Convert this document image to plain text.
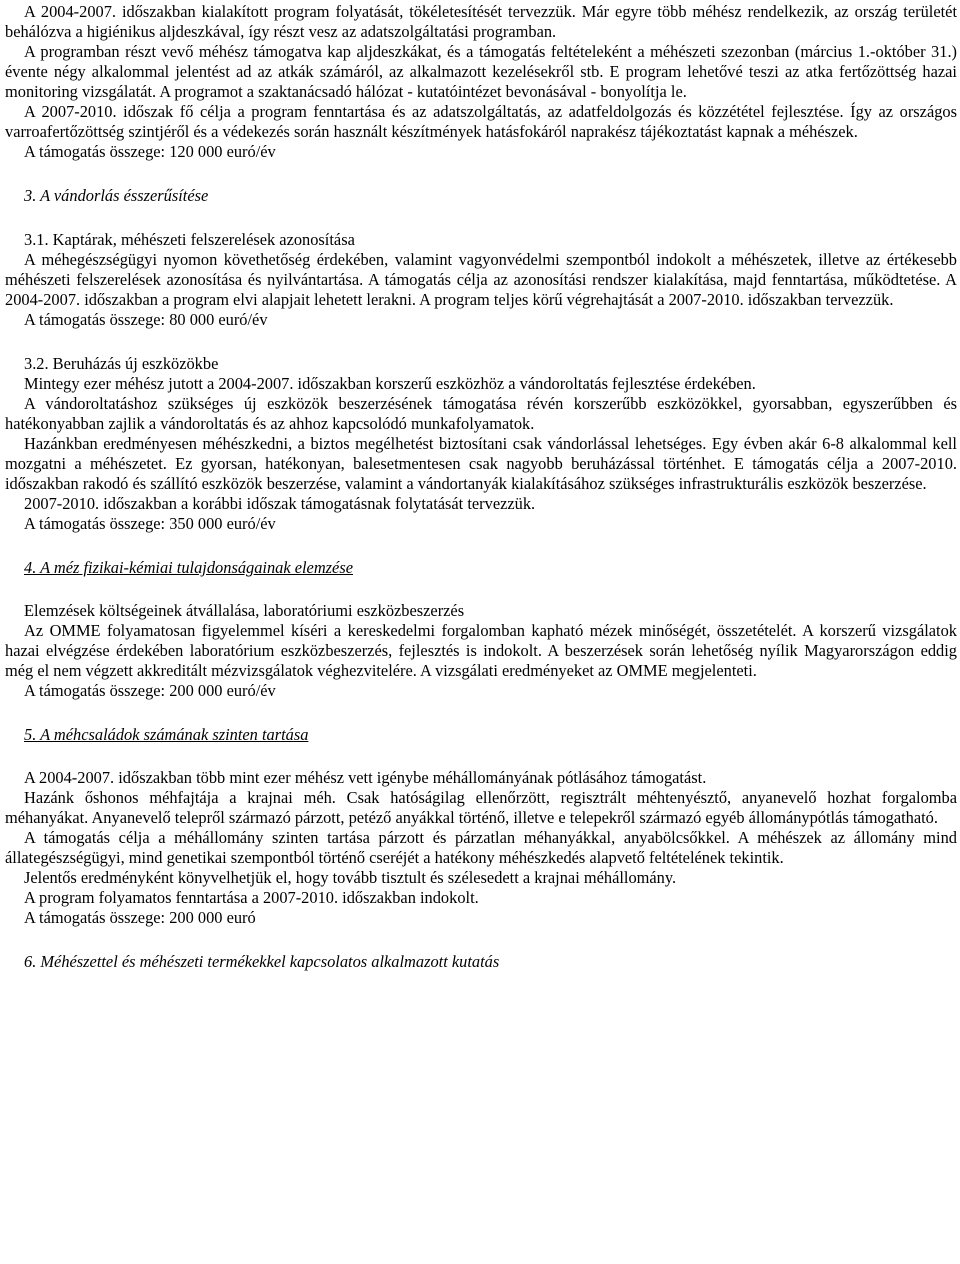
A 2004-2007. időszakban kialakított program folyatását, tökéletesítését tervezzük. Már egyre több méhész rendelkezik, az ország területét behálózva a higiénikus aljdeszkával, így részt vesz az adatszolgáltatási programban.

A programban részt vevő méhész támogatva kap aljdeszkákat, és a támogatás feltételeként a méhészeti szezonban (március 1.-október 31.) évente négy alkalommal jelentést ad az atkák számáról, az alkalmazott kezelésekről stb. E program lehetővé teszi az atka fertőzöttség hazai monitoring vizsgálatát. A programot a szaktanácsadó hálózat - kutatóintézet bevonásával - bonyolítja le.

A 2007-2010. időszak fő célja a program fenntartása és az adatszolgáltatás, az adatfeldolgozás és közzététel fejlesztése. Így az országos varroafertőzöttség szintjéről és a védekezés során használt készítmények hatásfokáról naprakész tájékoztatást kapnak a méhészek.

A támogatás összege: 120 000 euró/év

3. A vándorlás ésszerűsítése

3.1. Kaptárak, méhészeti felszerelések azonosítása

A méhegészségügyi nyomon követhetőség érdekében, valamint vagyonvédelmi szempontból indokolt a méhészetek, illetve az értékesebb méhészeti felszerelések azonosítása és nyilvántartása. A támogatás célja az azonosítási rendszer kialakítása, majd fenntartása, működtetése. A 2004-2007. időszakban a program elvi alapjait lehetett lerakni. A program teljes körű végrehajtását a 2007-2010. időszakban tervezzük.

A támogatás összege: 80 000 euró/év

3.2. Beruházás új eszközökbe

Mintegy ezer méhész jutott a 2004-2007. időszakban korszerű eszközhöz a vándoroltatás fejlesztése érdekében.

A vándoroltatáshoz szükséges új eszközök beszerzésének támogatása révén korszerűbb eszközökkel, gyorsabban, egyszerűbben és hatékonyabban zajlik a vándoroltatás és az ahhoz kapcsolódó munkafolyamatok.

Hazánkban eredményesen méhészkedni, a biztos megélhetést biztosítani csak vándorlással lehetséges. Egy évben akár 6-8 alkalommal kell mozgatni a méhészetet. Ez gyorsan, hatékonyan, balesetmentesen csak nagyobb beruházással történhet. E támogatás célja a 2007-2010. időszakban rakodó és szállító eszközök beszerzése, valamint a vándortanyák kialakításához szükséges infrastrukturális eszközök beszerzése.

2007-2010. időszakban a korábbi időszak támogatásnak folytatását tervezzük.

A támogatás összege: 350 000 euró/év

4. A méz fizikai-kémiai tulajdonságainak elemzése

Elemzések költségeinek átvállalása, laboratóriumi eszközbeszerzés

Az OMME folyamatosan figyelemmel kíséri a kereskedelmi forgalomban kapható mézek minőségét, összetételét. A korszerű vizsgálatok hazai elvégzése érdekében laboratórium eszközbeszerzés, fejlesztés is indokolt. A beszerzések során lehetőség nyílik Magyarországon eddig még el nem végzett akkreditált mézvizsgálatok véghezvitelére. A vizsgálati eredményeket az OMME megjelenteti.

A támogatás összege: 200 000 euró/év

5. A méhcsaládok számának szinten tartása

A 2004-2007. időszakban több mint ezer méhész vett igénybe méhállományának pótlásához támogatást.

Hazánk őshonos méhfajtája a krajnai méh. Csak hatóságilag ellenőrzött, regisztrált méhtenyésztő, anyanevelő hozhat forgalomba méhanyákat. Anyanevelő telepről származó párzott, petéző anyákkal történő, illetve e telepekről származó egyéb állománypótlás támogatható.

A támogatás célja a méhállomány szinten tartása párzott és párzatlan méhanyákkal, anyabölcsőkkel. A méhészek az állomány mind állategészségügyi, mind genetikai szempontból történő cseréjét a hatékony méhészkedés alapvető feltételének tekintik.

Jelentős eredményként könyvelhetjük el, hogy tovább tisztult és szélesedett a krajnai méhállomány.

A program folyamatos fenntartása a 2007-2010. időszakban indokolt.

A támogatás összege: 200 000 euró

6. Méhészettel és méhészeti termékekkel kapcsolatos alkalmazott kutatás
